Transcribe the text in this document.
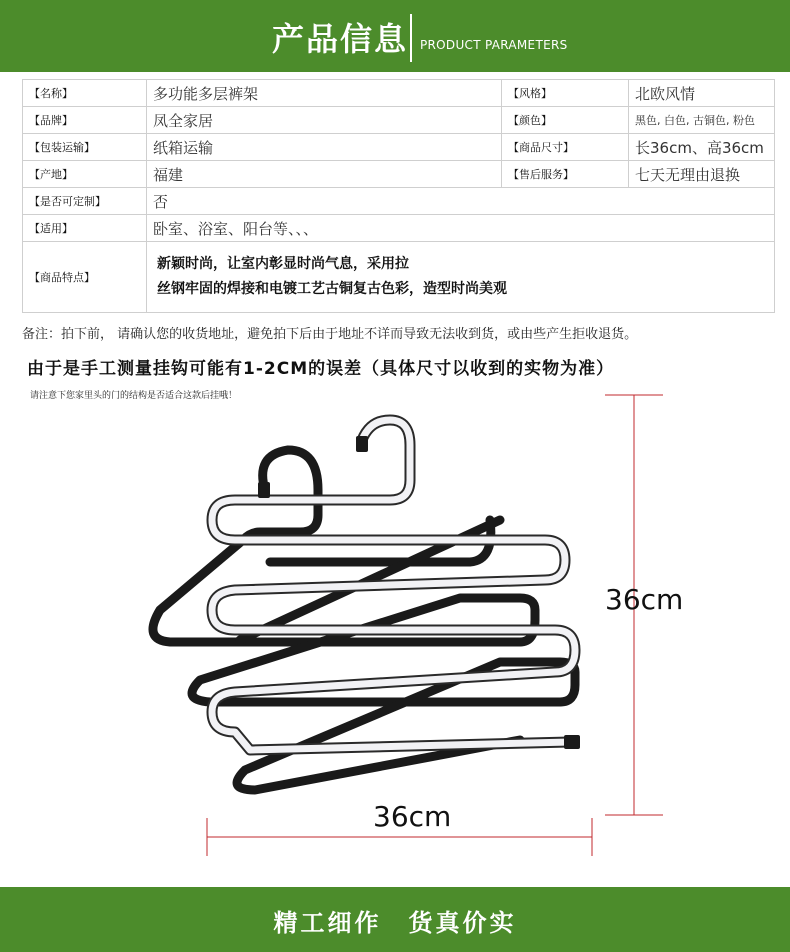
产品信息 PRODUCT PARAMETERS
【名称】	多功能多层裤架	【风格】	北欧风情
【品牌】	凤全家居	【颜色】	黑色, 白色, 古铜色, 粉色
【包装运输】	纸箱运输	【商品尺寸】	长36cm、高36cm
【产地】	福建	【售后服务】	七天无理由退换
【是否可定制】	否		
【适用】	卧室、浴室、阳台等、、、		
【商品特点】	新颖时尚，让室内彰显时尚气息，采用拉
丝钢牢固的焊接和电镀工艺古铜复古色彩，造型时尚美观		
备注：拍下前， 请确认您的收货地址，避免拍下后由于地址不详而导致无法收到货，或由些产生拒收退货。
由于是手工测量挂钩可能有1-2CM的误差（具体尺寸以收到的实物为准）
请注意下您家里头的门的结构是否适合这款后挂哦！
36cm
36cm
精工细作　货真价实
